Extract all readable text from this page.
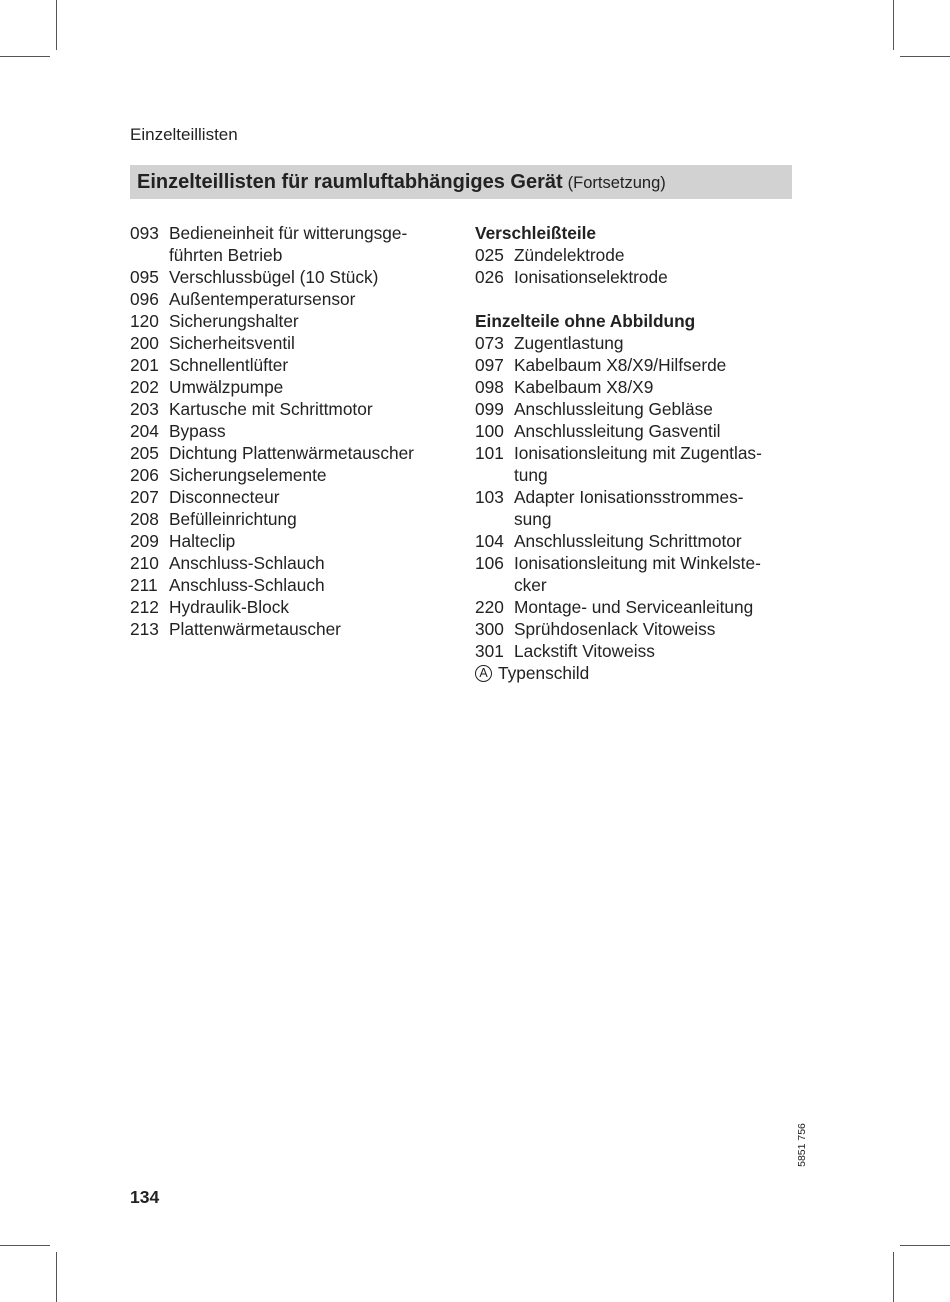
Einzelteillisten
Einzelteillisten für raumluftabhängiges Gerät (Fortsetzung)
093 Bedieneinheit für witterungsge-
führten Betrieb
095 Verschlussbügel (10 Stück)
096 Außentemperatursensor
120 Sicherungshalter
200 Sicherheitsventil
201 Schnellentlüfter
202 Umwälzpumpe
203 Kartusche mit Schrittmotor
204 Bypass
205 Dichtung Plattenwärmetauscher
206 Sicherungselemente
207 Disconnecteur
208 Befülleinrichtung
209 Halteclip
210 Anschluss-Schlauch
211 Anschluss-Schlauch
212 Hydraulik-Block
213 Plattenwärmetauscher
Verschleißteile
025 Zündelektrode
026 Ionisationselektrode
Einzelteile ohne Abbildung
073 Zugentlastung
097 Kabelbaum X8/X9/Hilfserde
098 Kabelbaum X8/X9
099 Anschlussleitung Gebläse
100 Anschlussleitung Gasventil
101 Ionisationsleitung mit Zugentlas-
tung
103 Adapter Ionisationsstrommes-
sung
104 Anschlussleitung Schrittmotor
106 Ionisationsleitung mit Winkelste-
cker
220 Montage- und Serviceanleitung
300 Sprühdosenlack Vitoweiss
301 Lackstift Vitoweiss
A Typenschild
5851 756
134
